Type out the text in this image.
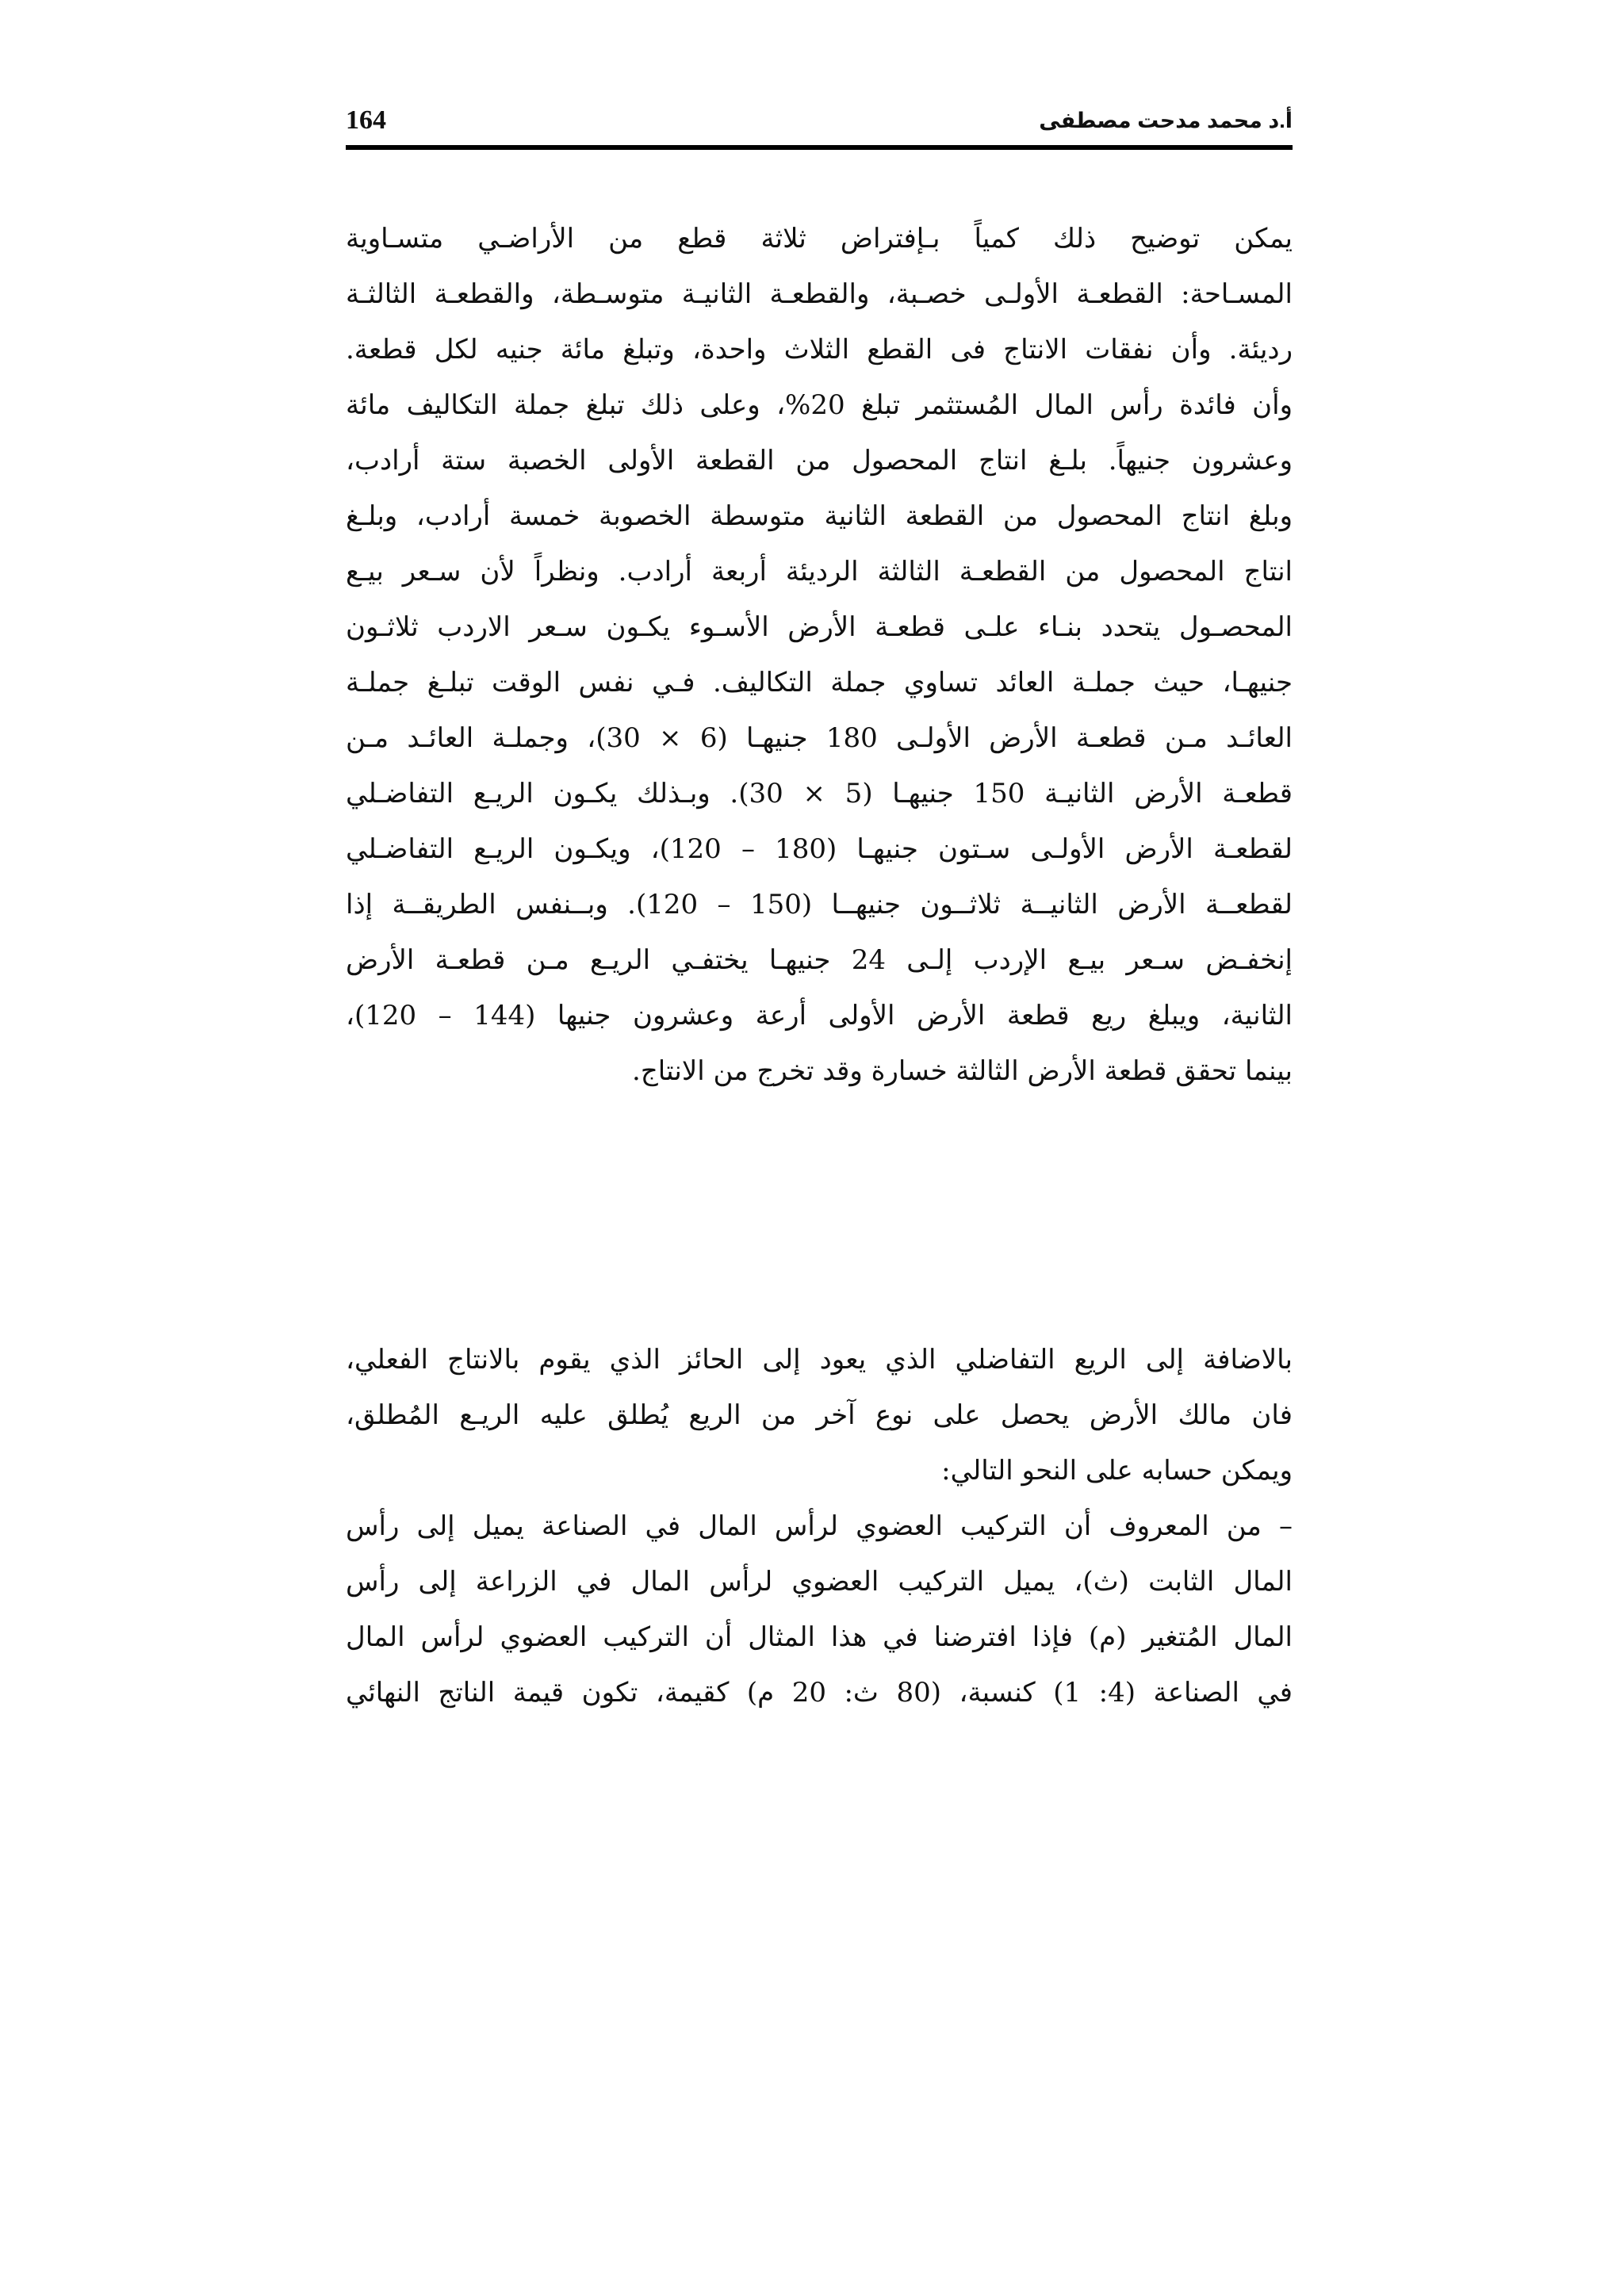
164	أ.د محمد مدحت مصطفى
يمكن توضيح ذلك كمياً بـإفتراض ثلاثة قطع من الأراضـي متسـاوية
المسـاحة: القطعـة الأولـى خصـبة، والقطعـة الثانيـة متوسـطة، والقطعـة الثالثـة
رديئة. وأن نفقات الانتاج فى القطع الثلاث واحدة، وتبلغ مائة جنيه لكل قطعة.
وأن فائدة رأس المال المُستثمر تبلغ 20%، وعلى ذلك تبلغ جملة التكاليف مائة
وعشرون جنيهاً. بلـغ انتاج المحصول من القطعة الأولى الخصبة ستة أرادب،
وبلغ انتاج المحصول من القطعة الثانية متوسطة الخصوبة خمسة أرادب، وبلـغ
انتاج المحصول من القطعـة الثالثة الرديئة أربعة أرادب. ونظراً لأن سـعر بيـع
المحصـول يتحدد بنـاء علـى قطعـة الأرض الأسـوء يكـون سـعر الاردب ثلاثـون
جنيهـا، حيث جملـة العائد تساوي جملة التكاليف. فـي نفس الوقت تبلـغ جملـة
العائـد مـن قطعـة الأرض الأولـى 180 جنيهـا (6 × 30)، وجملـة العائـد مـن
قطعـة الأرض الثانيـة 150 جنيهـا (5 × 30). وبـذلك يكـون الريـع التفاضـلي
لقطعـة الأرض الأولـى سـتون جنيهـا (180 – 120)، ويكـون الريـع التفاضـلي
لقطعــة الأرض الثانيــة ثلاثــون جنيهــا (150 – 120). وبــنفس الطريقــة إذا
إنخفـض سـعر بيـع الإردب إلـى 24 جنيهـا يختفـي الريـع مـن قطعـة الأرض
الثانية، ويبلغ ريع قطعة الأرض الأولى أرعة وعشرون جنيها (144 – 120)،
بينما تحقق قطعة الأرض الثالثة خسارة وقد تخرج من الانتاج.
بالاضافة إلى الريع التفاضلي الذي يعود إلى الحائز الذي يقوم بالانتاج الفعلي،
فان مالك الأرض يحصل على نوع آخر من الريع يُطلق عليه الريـع المُطلق،
ويمكن حسابه على النحو التالي:
– من المعروف أن التركيب العضوي لرأس المال في الصناعة يميل إلى رأس
المال الثابت (ث)، يميل التركيب العضوي لرأس المال في الزراعة إلى رأس
المال المُتغير (م) فإذا افترضنا في هذا المثال أن التركيب العضوي لرأس المال
في الصناعة (4: 1) كنسبة، (80 ث: 20 م) كقيمة، تكون قيمة الناتج النهائي
